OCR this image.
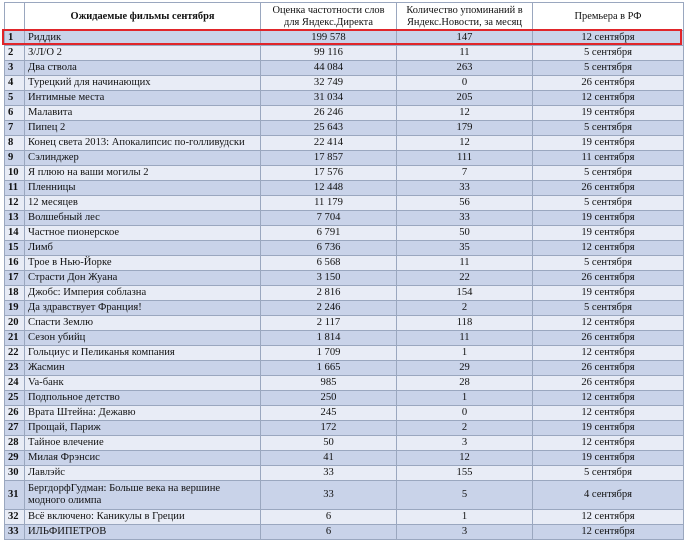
	Ожидаемые фильмы сентября	Оценка частотности слов для Яндекс.Директа	Количество упоминаний в Яндекс.Новости, за месяц	Премьера в РФ
1	Риддик	199 578	147	12 сентября
2	З/Л/О 2	99 116	11	5 сентября
3	Два ствола	44 084	263	5 сентября
4	Турецкий для начинающих	32 749	0	26 сентября
5	Интимные места	31 034	205	12 сентября
6	Малавита	26 246	12	19 сентября
7	Пипец 2	25 643	179	5 сентября
8	Конец света 2013: Апокалипсис по-голливудски	22 414	12	19 сентября
9	Сэлинджер	17 857	111	11 сентября
10	Я плюю на ваши могилы 2	17 576	7	5 сентября
11	Пленницы	12 448	33	26 сентября
12	12 месяцев	11 179	56	5 сентября
13	Волшебный лес	7 704	33	19 сентября
14	Частное пионерское	6 791	50	19 сентября
15	Лимб	6 736	35	12 сентября
16	Трое в Нью-Йорке	6 568	11	5 сентября
17	Страсти Дон Жуана	3 150	22	26 сентября
18	Джобс: Империя соблазна	2 816	154	19 сентября
19	Да здравствует Франция!	2 246	2	5 сентября
20	Спасти Землю	2 117	118	12 сентября
21	Сезон убийц	1 814	11	26 сентября
22	Гольциус и Пеликанья компания	1 709	1	12 сентября
23	Жасмин	1 665	29	26 сентября
24	Va-банк	985	28	26 сентября
25	Подпольное детство	250	1	12 сентября
26	Врата Штейна: Дежавю	245	0	12 сентября
27	Прощай, Париж	172	2	19 сентября
28	Тайное влечение	50	3	12 сентября
29	Милая Фрэнсис	41	12	19 сентября
30	Лавлэйс	33	155	5 сентября
31	БергдорфГудман: Больше века на вершине модного олимпа	33	5	4 сентября
32	Всё включено: Каникулы в Греции	6	1	12 сентября
33	ИЛЬФИПЕТРОВ	6	3	12 сентября
